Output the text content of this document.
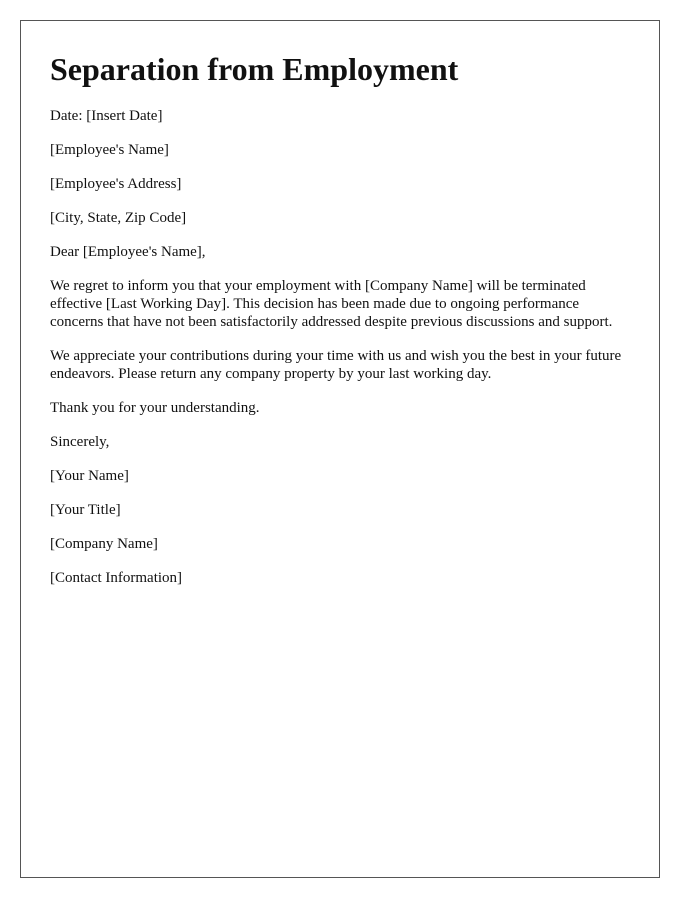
Separation from Employment

Date: [Insert Date]

[Employee's Name]

[Employee's Address]

[City, State, Zip Code]

Dear [Employee's Name],

We regret to inform you that your employment with [Company Name] will be terminated effective [Last Working Day]. This decision has been made due to ongoing performance concerns that have not been satisfactorily addressed despite previous discussions and support.

We appreciate your contributions during your time with us and wish you the best in your future endeavors. Please return any company property by your last working day.

Thank you for your understanding.

Sincerely,

[Your Name]

[Your Title]

[Company Name]

[Contact Information]
